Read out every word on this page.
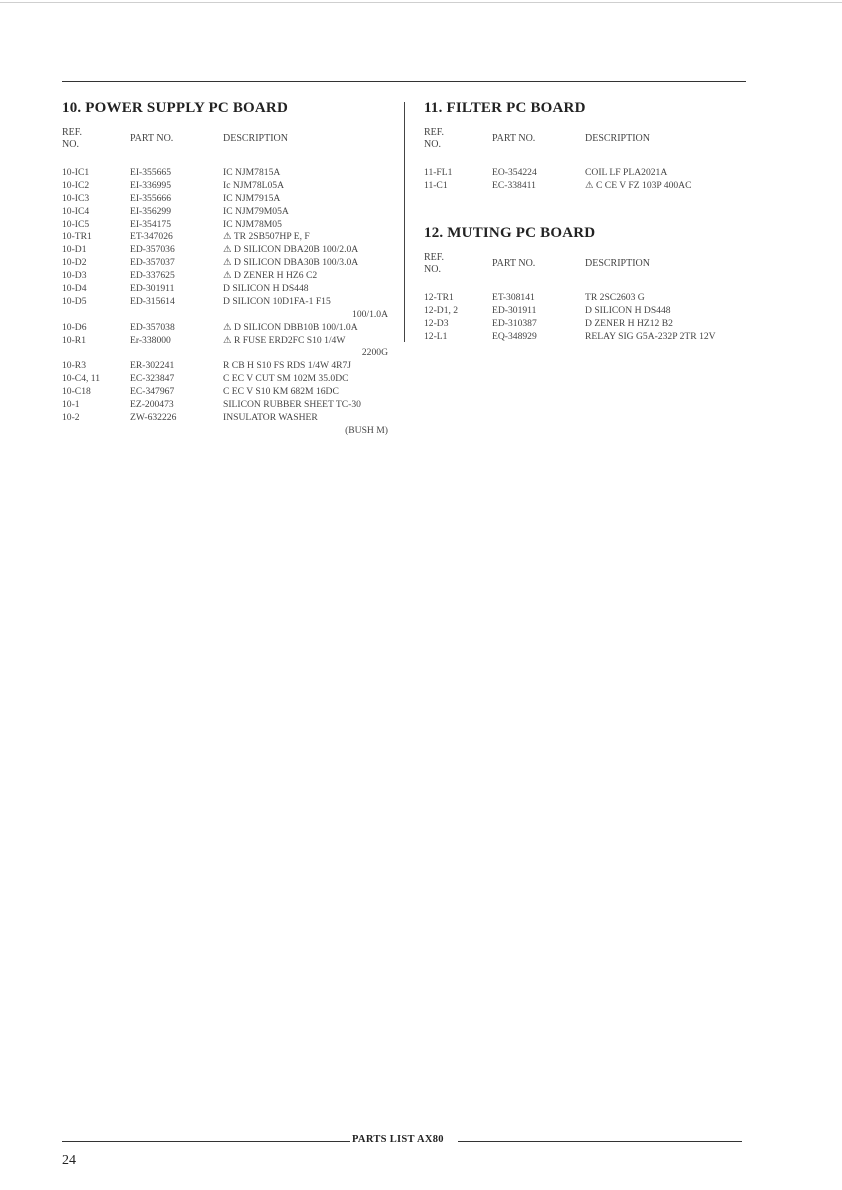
10. POWER SUPPLY PC BOARD
REF.
NO.
PART NO.	DESCRIPTION
10-IC1	EI-355665	IC NJM7815A
10-IC2	EI-336995	Ic NJM78L05A
10-IC3	EI-355666	IC NJM7915A
10-IC4	EI-356299	IC NJM79M05A
10-IC5	EI-354175	IC NJM78M05
10-TR1	ET-347026	⚠ TR 2SB507HP E, F
10-D1	ED-357036	⚠ D SILICON DBA20B 100/2.0A
10-D2	ED-357037	⚠ D SILICON DBA30B 100/3.0A
10-D3	ED-337625	⚠ D ZENER H HZ6 C2
10-D4	ED-301911	D SILICON H DS448
10-D5	ED-315614	D SILICON 10D1FA-1 F15
100/1.0A
10-D6	ED-357038	⚠ D SILICON DBB10B 100/1.0A
10-R1	Er-338000	⚠ R FUSE ERD2FC S10 1/4W
2200G
10-R3	ER-302241	R CB H S10 FS RDS 1/4W 4R7J
10-C4, 11	EC-323847	C EC V CUT SM 102M 35.0DC
10-C18	EC-347967	C EC V S10 KM 682M 16DC
10-1	EZ-200473	SILICON RUBBER SHEET TC-30
10-2	ZW-632226	INSULATOR WASHER
(BUSH M)
11. FILTER PC BOARD
REF.
NO.
PART NO.	DESCRIPTION
11-FL1	EO-354224	COIL LF PLA2021A
11-C1	EC-338411	⚠ C CE V FZ 103P 400AC
12. MUTING PC BOARD
REF.
NO.
PART NO.	DESCRIPTION
12-TR1	ET-308141	TR 2SC2603 G
12-D1, 2	ED-301911	D SILICON H DS448
12-D3	ED-310387	D ZENER H HZ12 B2
12-L1	EQ-348929	RELAY SIG G5A-232P 2TR 12V
PARTS LIST AX80
24
